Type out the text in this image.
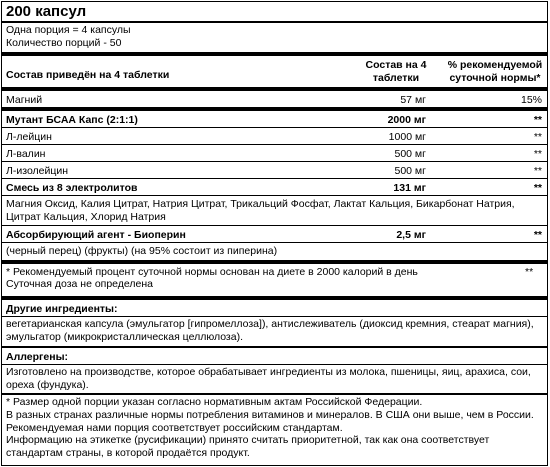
200 капсул
Одна порция = 4 капсулы
Количество порций - 50
Состав приведён на 4 таблетки
Состав на 4 таблетки
% рекомендуемой суточной нормы*
Магний	57 мг	15%
Мутант БСАА Капс (2:1:1)	2000 мг	**
Л-лейцин	1000 мг	**
Л-валин	500 мг	**
Л-изолейцин	500 мг	**
Смесь из 8 электролитов	131 мг	**
Магния Оксид, Калия Цитрат, Натрия Цитрат, Трикальций Фосфат, Лактат Кальция, Бикарбонат Натрия, Цитрат Кальция, Хлорид Натрия
Абсорбирующий агент - Биоперин	2,5 мг	**
(черный перец) (фрукты) (на 95% состоит из пиперина)
* Рекомендуемый процент суточной нормы основан на диете в 2000 калорий в день	**
Суточная доза не определена
Другие ингредиенты:
вегетарианская капсула (эмульгатор [гипромеллоза]), антислеживатель (диоксид кремния, стеарат магния), эмульгатор (микрокристаллическая целлюлоза).
Аллергены:
Изготовлено на производстве, которое обрабатывает ингредиенты из молока, пшеницы, яиц, арахиса, сои, ореха (фундука).
* Размер одной порции указан согласно нормативным актам Российской Федерации.
В разных странах различные нормы потребления витаминов и минералов. В США они выше, чем в России.
Рекомендуемая нами порция соответствует российским стандартам.
Информацию на этикетке (русификации) принято считать приоритетной, так как она соответствует стандартам страны, в которой продаётся продукт.
